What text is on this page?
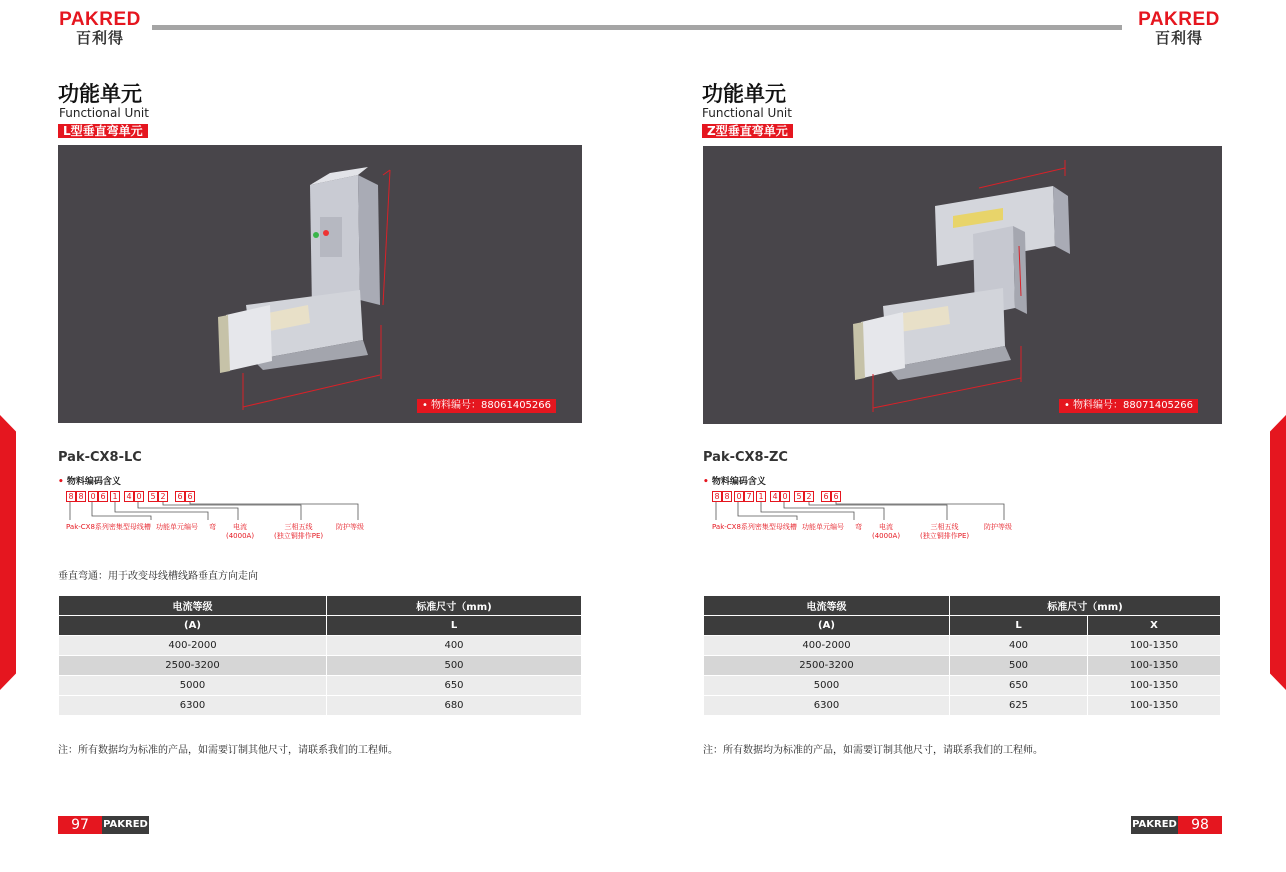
PAKRED
百利得
PAKRED
百利得
功能单元
Functional Unit
L型垂直弯单元
• 物料编号：88061405266
Pak-CX8-LC
• 物料编码含义
8 8 0 6 1	4 0	5 2	6 6
Pak-CX8系列密集型母线槽 功能单元编号 弯	电流
(4000A)
三相五线
(独立铜排作PE)
防护等级
垂直弯通：用于改变母线槽线路垂直方向走向
电流等级	标准尺寸（mm)
(A)	L
400-2000	400
2500-3200	500
5000	650
6300	680
注：所有数据均为标准的产品，如需要订制其他尺寸，请联系我们的工程师。
97	PAKRED
功能单元
Functional Unit
Z型垂直弯单元
• 物料编号：88071405266
Pak-CX8-ZC
• 物料编码含义
8 8 0 7 1	4 0	5 2	6 6
Pak-CX8系列密集型母线槽 功能单元编号 弯	电流
(4000A)
三相五线
(独立铜排作PE)
防护等级
电流等级	标准尺寸（mm)	
(A)	L	X
400-2000	400	100-1350
2500-3200	500	100-1350
5000	650	100-1350
6300	625	100-1350
注：所有数据均为标准的产品，如需要订制其他尺寸，请联系我们的工程师。
PAKRED	98
